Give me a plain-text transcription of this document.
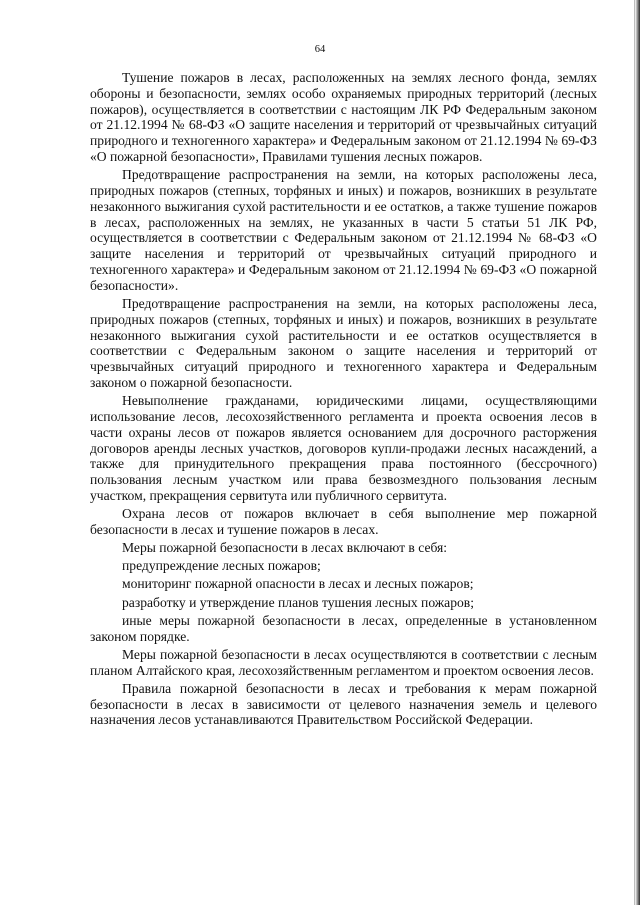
64

Тушение пожаров в лесах, расположенных на землях лесного фонда, землях обороны и безопасности, землях особо охраняемых природных территорий (лесных пожаров), осуществляется в соответствии с настоящим ЛК РФ Федеральным законом от 21.12.1994 № 68-ФЗ «О защите населения и территорий от чрезвычайных ситуаций природного и техногенного характера» и Федеральным законом от 21.12.1994 № 69-ФЗ «О пожарной безопасности», Правилами тушения лесных пожаров.

Предотвращение распространения на земли, на которых расположены леса, природных пожаров (степных, торфяных и иных) и пожаров, возникших в результате незаконного выжигания сухой растительности и ее остатков, а также тушение пожаров в лесах, расположенных на землях, не указанных в части 5 статьи 51 ЛК РФ, осуществляется в соответствии с Федеральным законом от 21.12.1994 № 68-ФЗ «О защите населения и территорий от чрезвычайных ситуаций природного и техногенного характера» и Федеральным законом от 21.12.1994 № 69-ФЗ «О пожарной безопасности».

Предотвращение распространения на земли, на которых расположены леса, природных пожаров (степных, торфяных и иных) и пожаров, возникших в результате незаконного выжигания сухой растительности и ее остатков осуществляется в соответствии с Федеральным законом о защите населения и территорий от чрезвычайных ситуаций природного и техногенного характера и Федеральным законом о пожарной безопасности.

Невыполнение гражданами, юридическими лицами, осуществляющими использование лесов, лесохозяйственного регламента и проекта освоения лесов в части охраны лесов от пожаров является основанием для досрочного расторжения договоров аренды лесных участков, договоров купли-продажи лесных насаждений, а также для принудительного прекращения права постоянного (бессрочного) пользования лесным участком или права безвозмездного пользования лесным участком, прекращения сервитута или публичного сервитута.

Охрана лесов от пожаров включает в себя выполнение мер пожарной безопасности в лесах и тушение пожаров в лесах.

Меры пожарной безопасности в лесах включают в себя:

предупреждение лесных пожаров;

мониторинг пожарной опасности в лесах и лесных пожаров;

разработку и утверждение планов тушения лесных пожаров;

иные меры пожарной безопасности в лесах, определенные в установленном законом порядке.

Меры пожарной безопасности в лесах осуществляются в соответствии с лесным планом Алтайского края, лесохозяйственным регламентом и проектом освоения лесов.

Правила пожарной безопасности в лесах и требования к мерам пожарной безопасности в лесах в зависимости от целевого назначения земель и целевого назначения лесов устанавливаются Правительством Российской Федерации.
